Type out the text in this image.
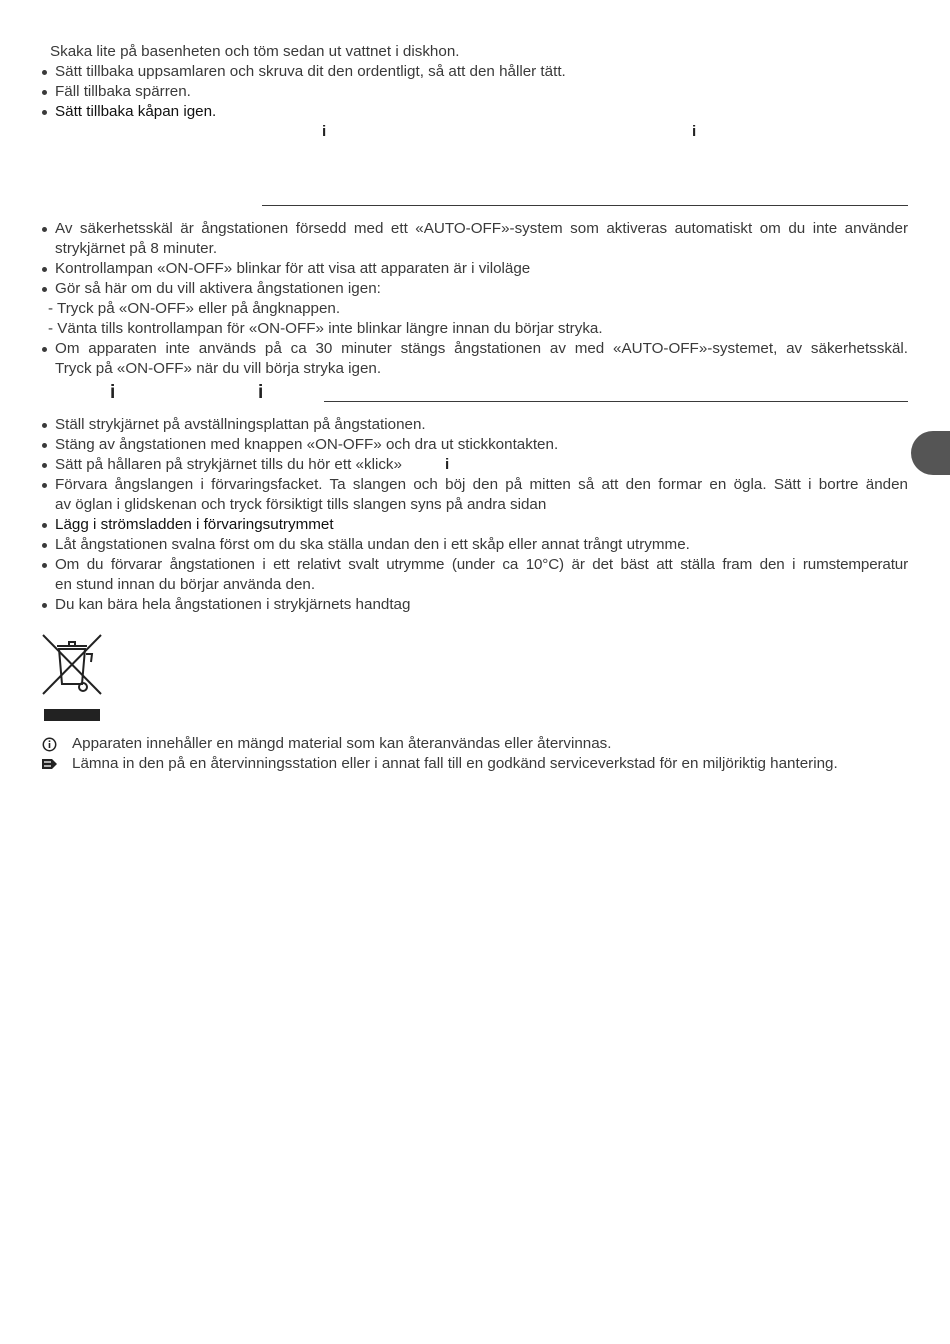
Skaka lite på basenheten och töm sedan ut vattnet i diskhon.
Sätt tillbaka uppsamlaren och skruva dit den ordentligt, så att den håller tätt.
Fäll tillbaka spärren.
Sätt tillbaka kåpan igen.
i	i
Av säkerhetsskäl är ångstationen försedd med ett «AUTO-OFF»-system som aktiveras automatiskt om du inte använder
strykjärnet på 8 minuter.
Kontrollampan «ON-OFF» blinkar för att visa att apparaten är i viloläge
Gör så här om du vill aktivera ångstationen igen:
- Tryck på «ON-OFF» eller på ångknappen.
- Vänta tills kontrollampan för «ON-OFF» inte blinkar längre innan du börjar stryka.
Om apparaten inte används på ca 30 minuter stängs ångstationen av med «AUTO-OFF»-systemet, av säkerhetsskäl.
Tryck på «ON-OFF» när du vill börja stryka igen.
i	i
Ställ strykjärnet på avställningsplattan på ångstationen.
Stäng av ångstationen med knappen «ON-OFF» och dra ut stickkontakten.
Sätt på hållaren på strykjärnet tills du hör ett «klick»	i
Förvara ångslangen i förvaringsfacket. Ta slangen och böj den på mitten så att den formar en ögla. Sätt i bortre änden
av öglan i glidskenan och tryck försiktigt tills slangen syns på andra sidan
Lägg i strömsladden i förvaringsutrymmet
Låt ångstationen svalna först om du ska ställa undan den i ett skåp eller annat trångt utrymme.
Om du förvarar ångstationen i ett relativt svalt utrymme (under ca 10°C) är det bäst att ställa fram den i rumstemperatur
en stund innan du börjar använda den.
Du kan bära hela ångstationen i strykjärnets handtag
Apparaten innehåller en mängd material som kan återanvändas eller återvinnas.
Lämna in den på en återvinningsstation eller i annat fall till en godkänd serviceverkstad för en miljöriktig hantering.
